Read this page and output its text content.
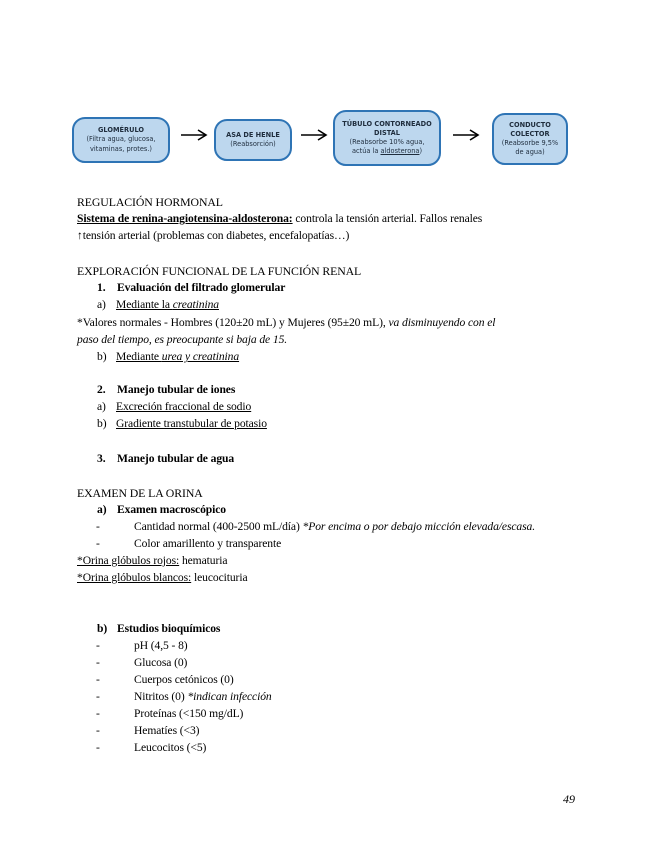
GLOMÉRULO
(Filtra agua, glucosa,
vitaminas, protes.)
ASA DE HENLE
(Reabsorción)
TÚBULO CONTORNEADO
DISTAL
(Reabsorbe 10% agua,
actúa la aldosterona)
CONDUCTO
COLECTOR
(Reabsorbe 9,5%
de agua)
REGULACIÓN HORMONAL
Sistema de renina-angiotensina-aldosterona: controla la tensión arterial. Fallos renales
↑tensión arterial (problemas con diabetes, encefalopatías…)
EXPLORACIÓN FUNCIONAL DE LA FUNCIÓN RENAL
1. Evaluación del filtrado glomerular
a) Mediante la creatinina
*Valores normales - Hombres (120±20 mL) y Mujeres (95±20 mL), va disminuyendo con el
paso del tiempo, es preocupante si baja de 15.
b) Mediante urea y creatinina
2. Manejo tubular de iones
a) Excreción fraccional de sodio
b) Gradiente transtubular de potasio
3. Manejo tubular de agua
EXAMEN DE LA ORINA
a) Examen macroscópico
-	Cantidad normal (400-2500 mL/día) *Por encima o por debajo micción elevada/escasa.
-	Color amarillento y transparente
*Orina glóbulos rojos: hematuria
*Orina glóbulos blancos: leucocituria
b) Estudios bioquímicos
-	pH (4,5 - 8)
-	Glucosa (0)
-	Cuerpos cetónicos (0)
-	Nitritos (0) *indican infección
-	Proteínas (<150 mg/dL)
-	Hematíes (<3)
-	Leucocitos (<5)
49
